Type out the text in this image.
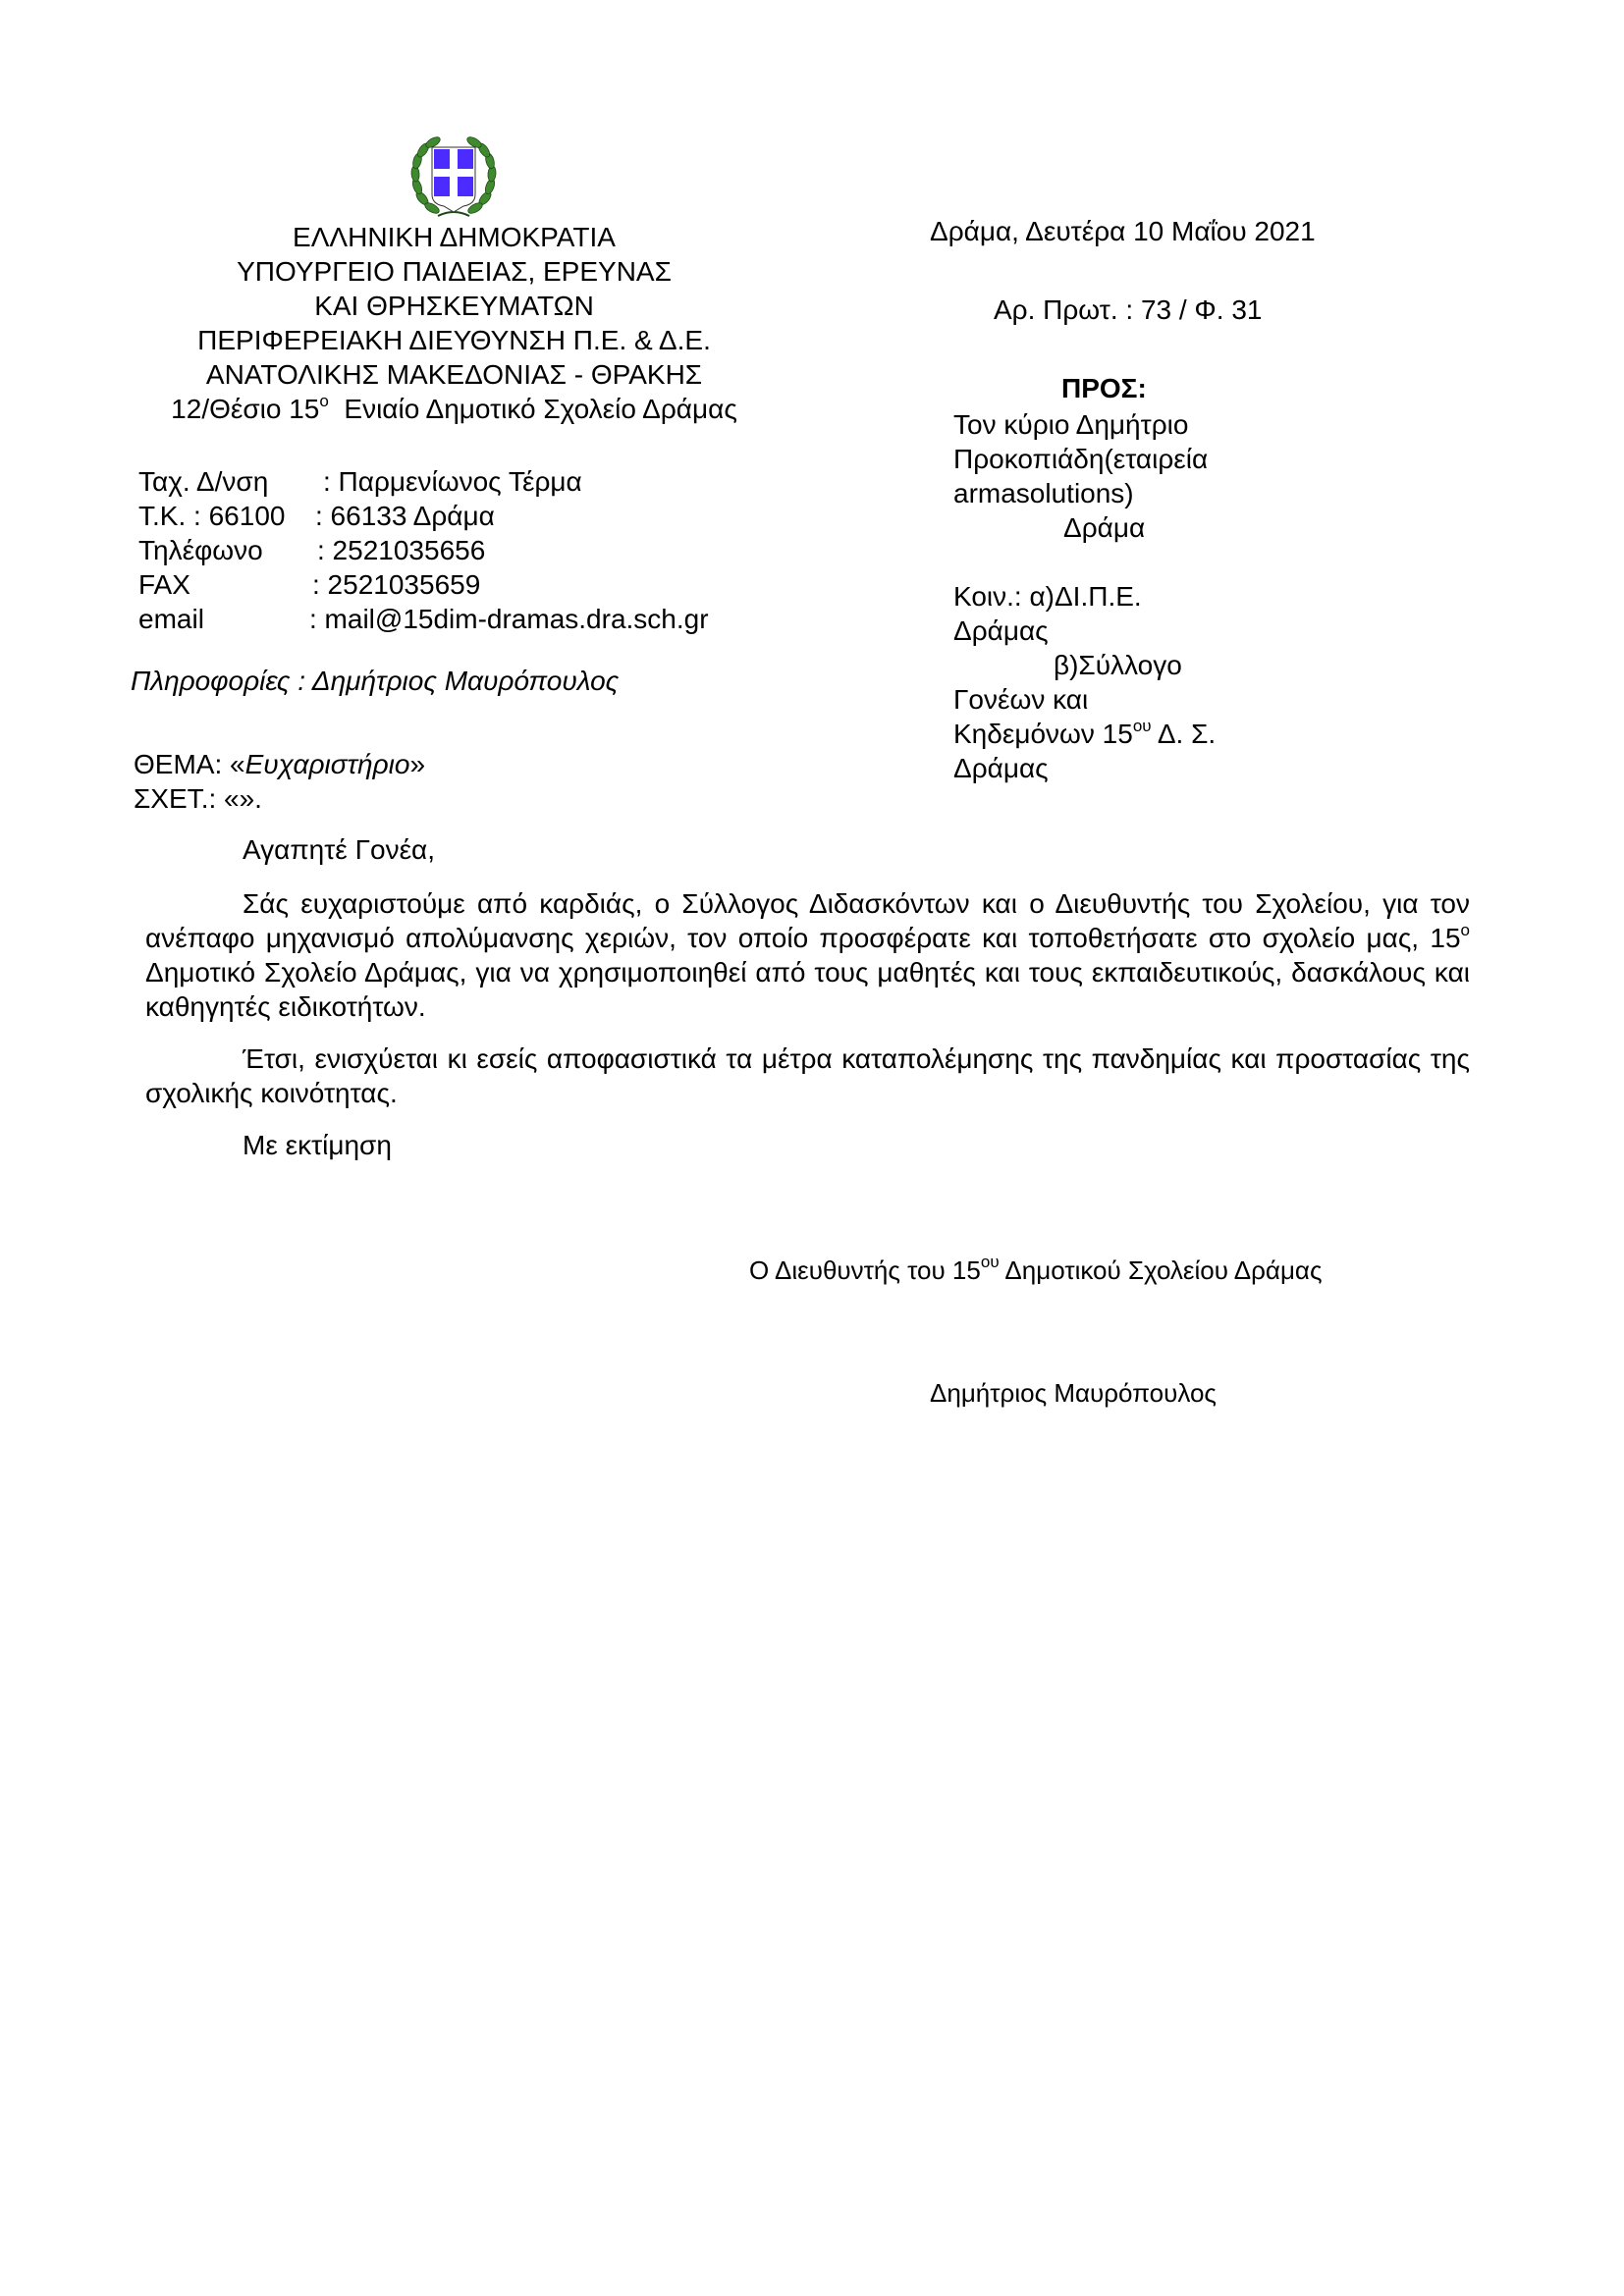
ΕΛΛΗΝΙΚΗ ΔΗΜΟΚΡΑΤΙΑ
ΥΠΟΥΡΓΕΙΟ ΠΑΙΔΕΙΑΣ, ΕΡΕΥΝΑΣ
ΚΑΙ ΘΡΗΣΚΕΥΜΑΤΩΝ
ΠΕΡΙΦΕΡΕΙΑΚΗ ΔΙΕΥΘΥΝΣΗ Π.Ε. & Δ.Ε.
ΑΝΑΤΟΛΙΚΗΣ ΜΑΚΕΔΟΝΙΑΣ - ΘΡΑΚΗΣ
12/Θέσιο $15^o$  Ενιαίο Δημοτικό Σχολείο Δράμας
Ταχ. Δ/νση	: Παρμενίωνος Τέρμα
Τ.Κ. : 66100	: 66133 Δράμα
Τηλέφωνο	: 2521035656
FAX	: 2521035659
email	: mail@15dim-dramas.dra.sch.gr
Πληροφορίες : Δημήτριος Μαυρόπουλος
ΘΕΜΑ: «Ευχαριστήριο»
ΣΧΕΤ.: «».
Δράμα, Δευτέρα 10 Μαΐου 2021
Αρ. Πρωτ. : 73 / Φ. 31
ΠΡΟΣ:
Τον κύριο Δημήτριο
Προκοπιάδη(εταιρεία
armasolutions)
Δράμα
Κοιν.: α)ΔΙ.Π.Ε.
Δράμας
β)Σύλλογο
Γονέων και
Κηδεμόνων $15^{o\upsilon}$ Δ. Σ.
Δράμας
Αγαπητέ Γονέα,

Σάς ευχαριστούμε από καρδιάς, ο Σύλλογος Διδασκόντων και ο Διευθυντής του Σχολείου, για τον ανέπαφο μηχανισμό απολύμανσης χεριών, τον οποίο προσφέρατε και τοποθετήσατε στο σχολείο μας, $15^o$ Δημοτικό Σχολείο Δράμας, για να χρησιμοποιηθεί από τους μαθητές και τους εκπαιδευτικούς, δασκάλους και καθηγητές ειδικοτήτων.

Έτσι, ενισχύεται κι εσείς αποφασιστικά τα μέτρα καταπολέμησης της πανδημίας και προστασίας της σχολικής κοινότητας.

Με εκτίμηση

Ο Διευθυντής του $15^{o\upsilon}$ Δημοτικού Σχολείου Δράμας
Δημήτριος Μαυρόπουλος
